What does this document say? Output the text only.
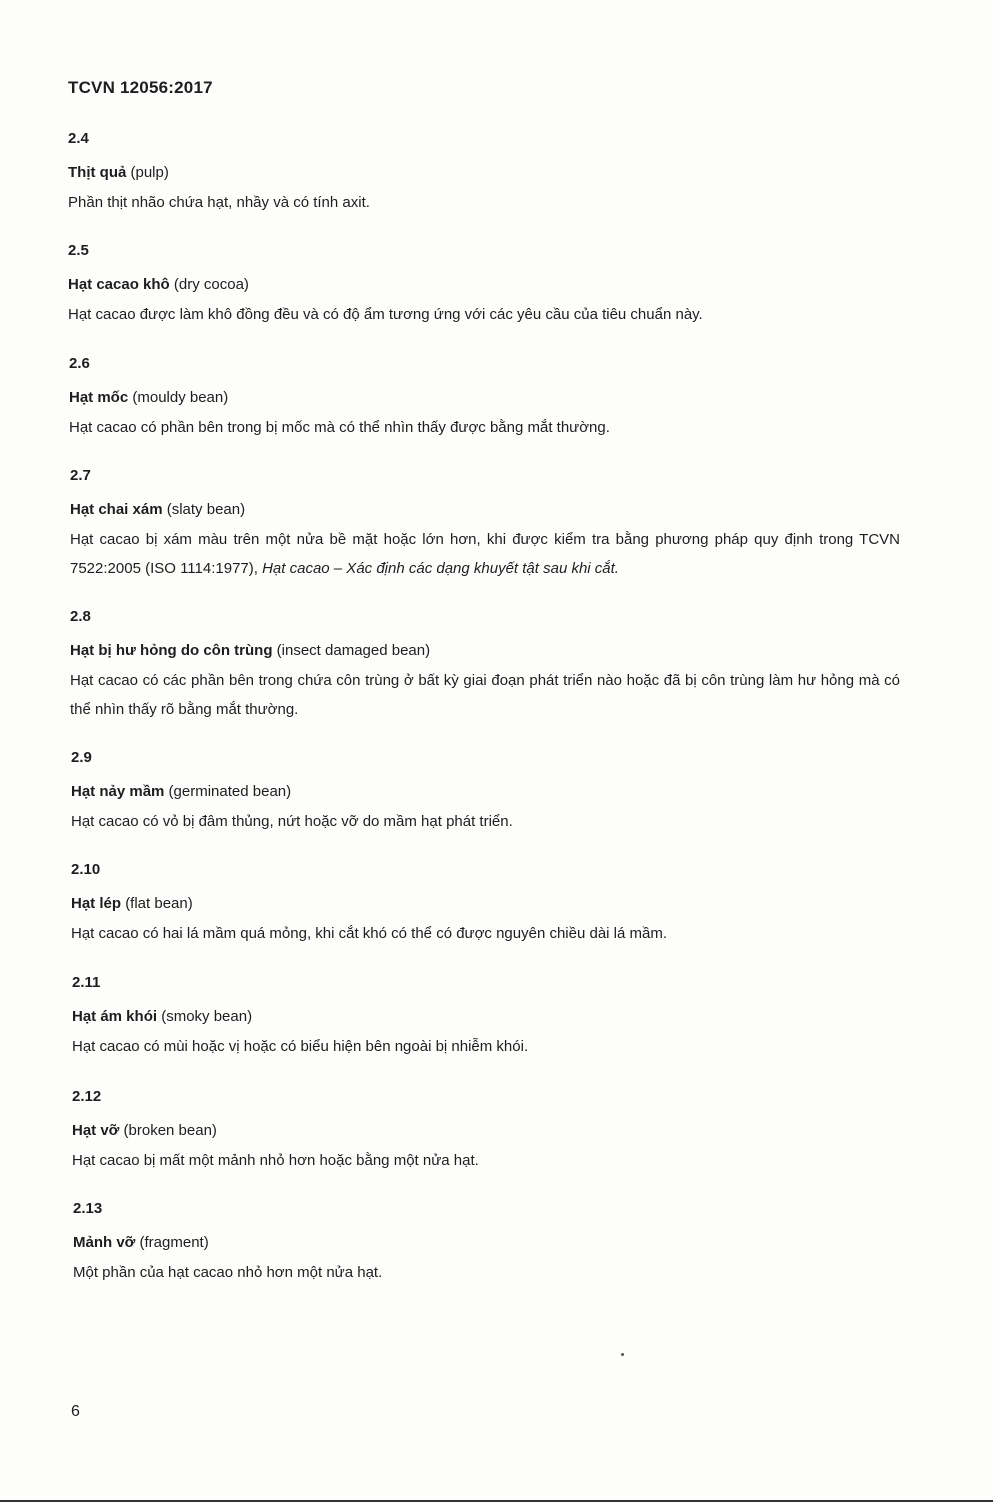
TCVN 12056:2017
2.4
Thịt quả (pulp)
Phần thịt nhão chứa hạt, nhầy và có tính axit.
2.5
Hạt cacao khô (dry cocoa)
Hạt cacao được làm khô đồng đều và có độ ẩm tương ứng với các yêu cầu của tiêu chuẩn này.
2.6
Hạt mốc (mouldy bean)
Hạt cacao có phần bên trong bị mốc mà có thể nhìn thấy được bằng mắt thường.
2.7
Hạt chai xám (slaty bean)
Hạt cacao bị xám màu trên một nửa bề mặt hoặc lớn hơn, khi được kiểm tra bằng phương pháp quy định trong TCVN 7522:2005 (ISO 1114:1977), Hạt cacao – Xác định các dạng khuyết tật sau khi cắt.
2.8
Hạt bị hư hỏng do côn trùng (insect damaged bean)
Hạt cacao có các phần bên trong chứa côn trùng ở bất kỳ giai đoạn phát triển nào hoặc đã bị côn trùng làm hư hỏng mà có thể nhìn thấy rõ bằng mắt thường.
2.9
Hạt nảy mầm (germinated bean)
Hạt cacao có vỏ bị đâm thủng, nứt hoặc vỡ do mầm hạt phát triển.
2.10
Hạt lép (flat bean)
Hạt cacao có hai lá mầm quá mỏng, khi cắt khó có thể có được nguyên chiều dài lá mầm.
2.11
Hạt ám khói (smoky bean)
Hạt cacao có mùi hoặc vị hoặc có biểu hiện bên ngoài bị nhiễm khói.
2.12
Hạt vỡ (broken bean)
Hạt cacao bị mất một mảnh nhỏ hơn hoặc bằng một nửa hạt.
2.13
Mảnh vỡ (fragment)
Một phần của hạt cacao nhỏ hơn một nửa hạt.
6
